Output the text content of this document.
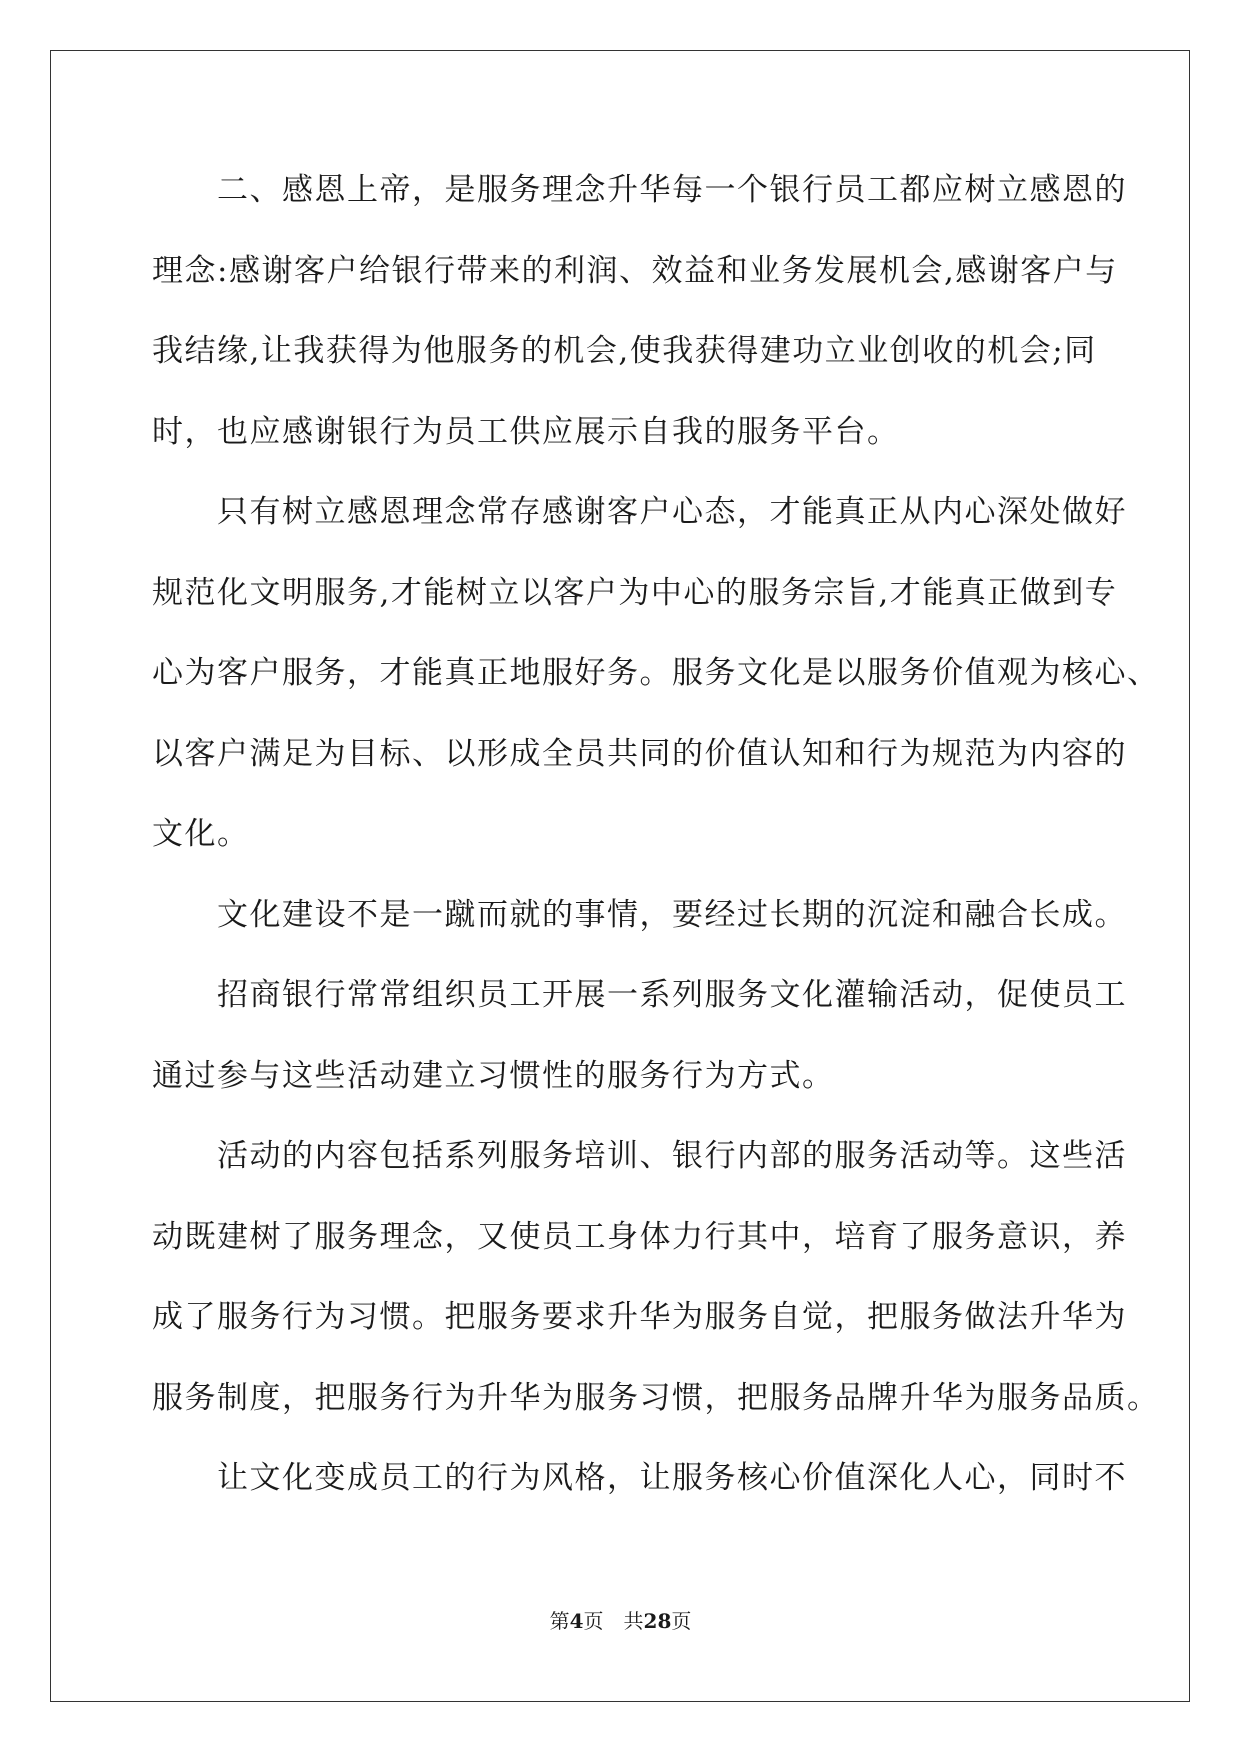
　　二、感恩上帝，是服务理念升华每一个银行员工都应树立感恩的
理念:感谢客户给银行带来的利润、效益和业务发展机会,感谢客户与
我结缘,让我获得为他服务的机会,使我获得建功立业创收的机会;同
时，也应感谢银行为员工供应展示自我的服务平台。
　　只有树立感恩理念常存感谢客户心态，才能真正从内心深处做好
规范化文明服务,才能树立以客户为中心的服务宗旨,才能真正做到专
心为客户服务，才能真正地服好务。服务文化是以服务价值观为核心、
以客户满足为目标、以形成全员共同的价值认知和行为规范为内容的
文化。
　　文化建设不是一蹴而就的事情，要经过长期的沉淀和融合长成。
　　招商银行常常组织员工开展一系列服务文化灌输活动，促使员工
通过参与这些活动建立习惯性的服务行为方式。
　　活动的内容包括系列服务培训、银行内部的服务活动等。这些活
动既建树了服务理念，又使员工身体力行其中，培育了服务意识，养
成了服务行为习惯。把服务要求升华为服务自觉，把服务做法升华为
服务制度，把服务行为升华为服务习惯，把服务品牌升华为服务品质。
　　让文化变成员工的行为风格，让服务核心价值深化人心，同时不
第4页　共28页
